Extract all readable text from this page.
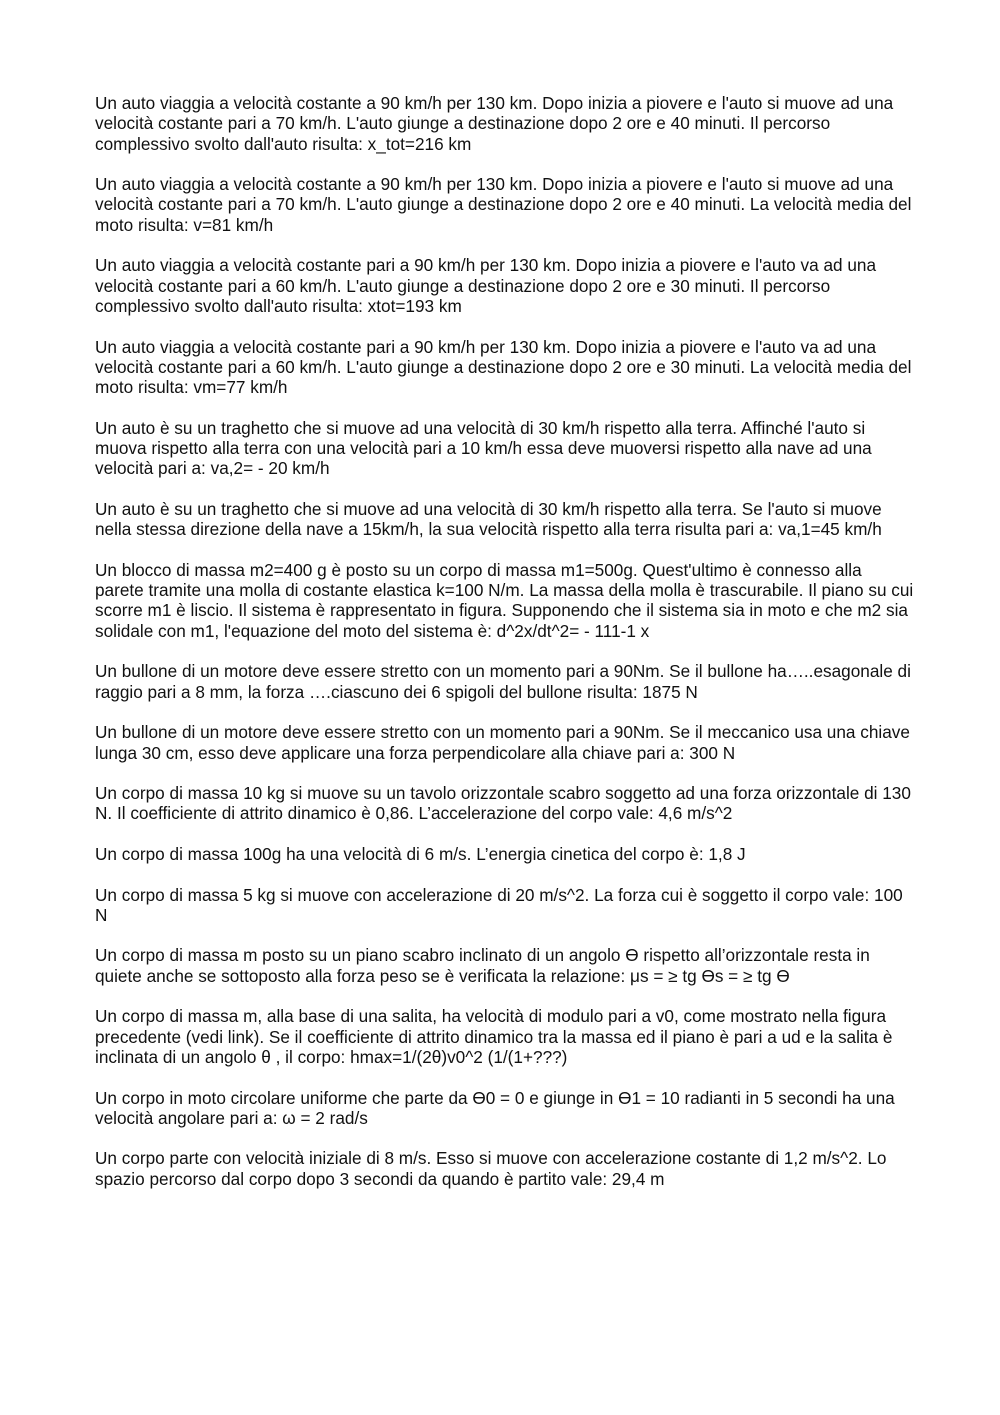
Un auto viaggia a velocità costante a 90 km/h per 130 km. Dopo inizia a piovere e l'auto si muove ad una velocità costante pari a 70 km/h. L'auto giunge a destinazione dopo 2 ore e 40 minuti. Il percorso complessivo svolto dall'auto risulta: x_tot=216 km

Un auto viaggia a velocità costante a 90 km/h per 130 km. Dopo inizia a piovere e l'auto si muove ad una velocità costante pari a 70 km/h. L'auto giunge a destinazione dopo 2 ore e 40 minuti. La velocità media del moto risulta: v=81 km/h

Un auto viaggia a velocità costante pari a 90 km/h per 130 km. Dopo inizia a piovere e l'auto va ad una velocità costante pari a 60 km/h. L'auto giunge a destinazione dopo 2 ore e 30 minuti. Il percorso complessivo svolto dall'auto risulta: xtot=193 km

Un auto viaggia a velocità costante pari a 90 km/h per 130 km. Dopo inizia a piovere e l'auto va ad una velocità costante pari a 60 km/h. L'auto giunge a destinazione dopo 2 ore e 30 minuti. La velocità media del moto risulta: vm=77 km/h

Un auto è su un traghetto che si muove ad una velocità di 30 km/h rispetto alla terra. Affinché l'auto si muova rispetto alla terra con una velocità pari a 10 km/h essa deve muoversi rispetto alla nave ad una velocità pari a: va,2= - 20 km/h

Un auto è su un traghetto che si muove ad una velocità di 30 km/h rispetto alla terra. Se l'auto si muove nella stessa direzione della nave a 15km/h, la sua velocità rispetto alla terra risulta pari a: va,1=45 km/h

Un blocco di massa m2=400 g è posto su un corpo di massa m1=500g. Quest'ultimo è connesso alla parete tramite una molla di costante elastica k=100 N/m. La massa della molla è trascurabile. Il piano su cui scorre m1 è liscio. Il sistema è rappresentato in figura. Supponendo che il sistema sia in moto e che m2 sia solidale con m1, l'equazione del moto del sistema è: d^2x/dt^2= - 111-1 x

Un bullone di un motore deve essere stretto con un momento pari a 90Nm. Se il bullone ha…..esagonale di raggio pari a 8 mm, la forza ….ciascuno dei 6 spigoli del bullone risulta: 1875 N

Un bullone di un motore deve essere stretto con un momento pari a 90Nm. Se il meccanico usa una chiave lunga 30 cm, esso deve applicare una forza perpendicolare alla chiave pari a: 300 N

Un corpo di massa 10 kg si muove su un tavolo orizzontale scabro soggetto ad una forza orizzontale di 130 N. Il coefficiente di attrito dinamico è 0,86. L’accelerazione del corpo vale: 4,6 m/s^2

Un corpo di massa 100g ha una velocità di 6 m/s. L’energia cinetica del corpo è: 1,8 J

Un corpo di massa 5 kg si muove con accelerazione di 20 m/s^2. La forza cui è soggetto il corpo vale: 100 N

Un corpo di massa m posto su un piano scabro inclinato di un angolo Ɵ rispetto all’orizzontale resta in quiete anche se sottoposto alla forza peso se è verificata la relazione: μs = ≥ tg Ɵs = ≥ tg Ɵ

Un corpo di massa m, alla base di una salita, ha velocità di modulo pari a v0, come mostrato nella figura precedente (vedi link). Se il coefficiente di attrito dinamico tra la massa ed il piano è pari a ud e la salita è inclinata di un angolo θ , il corpo: hmax=1/(2θ)v0^2 (1/(1+???)

Un corpo in moto circolare uniforme che parte da Ɵ0 = 0 e giunge in Ɵ1 = 10 radianti in 5 secondi ha una velocità angolare pari a: ω = 2 rad/s

Un corpo parte con velocità iniziale di 8 m/s. Esso si muove con accelerazione costante di 1,2 m/s^2. Lo spazio percorso dal corpo dopo 3 secondi da quando è partito vale: 29,4 m
